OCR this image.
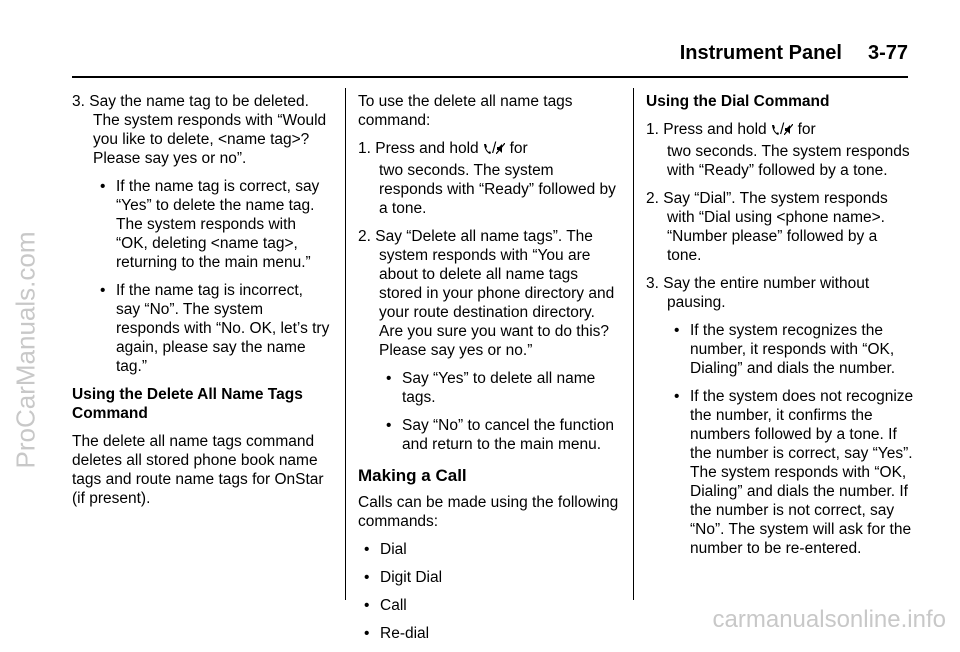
Instrument Panel 3-77
ProCarManuals.com
carmanualsonline.info

3. Say the name tag to be deleted. The system responds with “Would you like to delete, <name tag>? Please say yes or no”.

• If the name tag is correct, say “Yes” to delete the name tag. The system responds with “OK, deleting <name tag>, returning to the main menu.”

• If the name tag is incorrect, say “No”. The system responds with “No. OK, let’s try again, please say the name tag.”

Using the Delete All Name Tags Command

The delete all name tags command deletes all stored phone book name tags and route name tags for OnStar (if present).

To use the delete all name tags command:

1. Press and hold / for
two seconds. The system responds with “Ready” followed by a tone.

2. Say “Delete all name tags”. The system responds with “You are about to delete all name tags stored in your phone directory and your route destination directory. Are you sure you want to do this? Please say yes or no.”

• Say “Yes” to delete all name tags.

• Say “No” to cancel the function and return to the main menu.

Making a Call

Calls can be made using the following commands:

• Dial

• Digit Dial

• Call

• Re-dial

Using the Dial Command

1. Press and hold / for
two seconds. The system responds with “Ready” followed by a tone.

2. Say “Dial”. The system responds with “Dial using <phone name>. “Number please” followed by a tone.

3. Say the entire number without pausing.

• If the system recognizes the number, it responds with “OK, Dialing” and dials the number.

• If the system does not recognize the number, it confirms the numbers followed by a tone. If the number is correct, say “Yes”. The system responds with “OK, Dialing” and dials the number. If the number is not correct, say “No”. The system will ask for the number to be re-entered.
